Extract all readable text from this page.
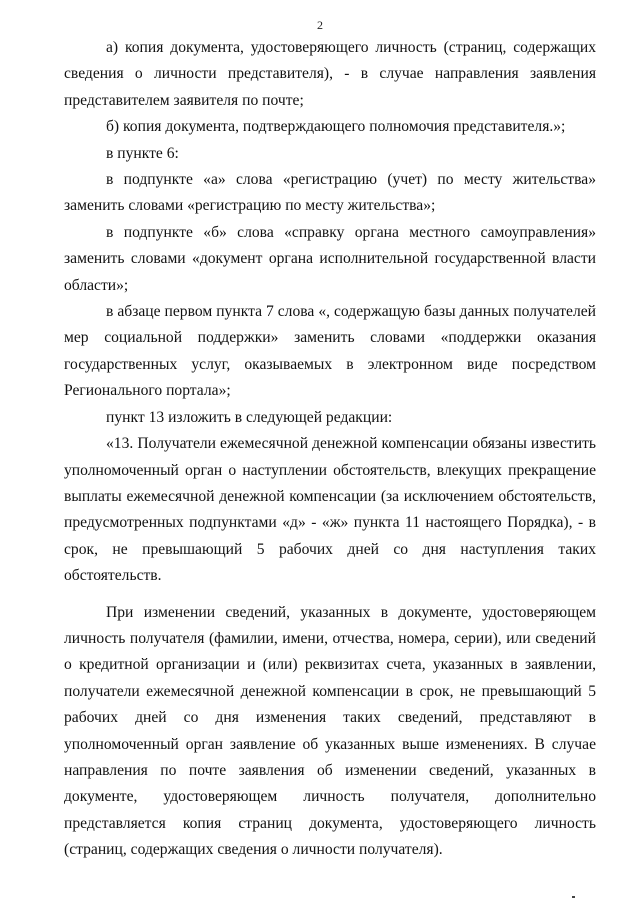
2

а) копия документа, удостоверяющего личность (страниц, содержащих сведения о личности представителя), - в случае направления заявления представителем заявителя по почте;

б) копия документа, подтверждающего полномочия представителя.»;

в пункте 6:

в подпункте «а» слова «регистрацию (учет) по месту жительства» заменить словами «регистрацию по месту жительства»;

в подпункте «б» слова «справку органа местного самоуправления» заменить словами «документ органа исполнительной государственной власти области»;

в абзаце первом пункта 7 слова «, содержащую базы данных получателей мер социальной поддержки» заменить словами «поддержки оказания государственных услуг, оказываемых в электронном виде посредством Регионального портала»;

пункт 13 изложить в следующей редакции:

«13. Получатели ежемесячной денежной компенсации обязаны известить уполномоченный орган о наступлении обстоятельств, влекущих прекращение выплаты ежемесячной денежной компенсации (за исключением обстоятельств, предусмотренных подпунктами «д» - «ж» пункта 11 настоящего Порядка), - в срок, не превышающий 5 рабочих дней со дня наступления таких обстоятельств.

При изменении сведений, указанных в документе, удостоверяющем личность получателя (фамилии, имени, отчества, номера, серии), или сведений о кредитной организации и (или) реквизитах счета, указанных в заявлении, получатели ежемесячной денежной компенсации в срок, не превышающий 5 рабочих дней со дня изменения таких сведений, представляют в уполномоченный орган заявление об указанных выше изменениях. В случае направления по почте заявления об изменении сведений, указанных в документе, удостоверяющем личность получателя, дополнительно представляется копия страниц документа, удостоверяющего личность (страниц, содержащих сведения о личности получателя).
